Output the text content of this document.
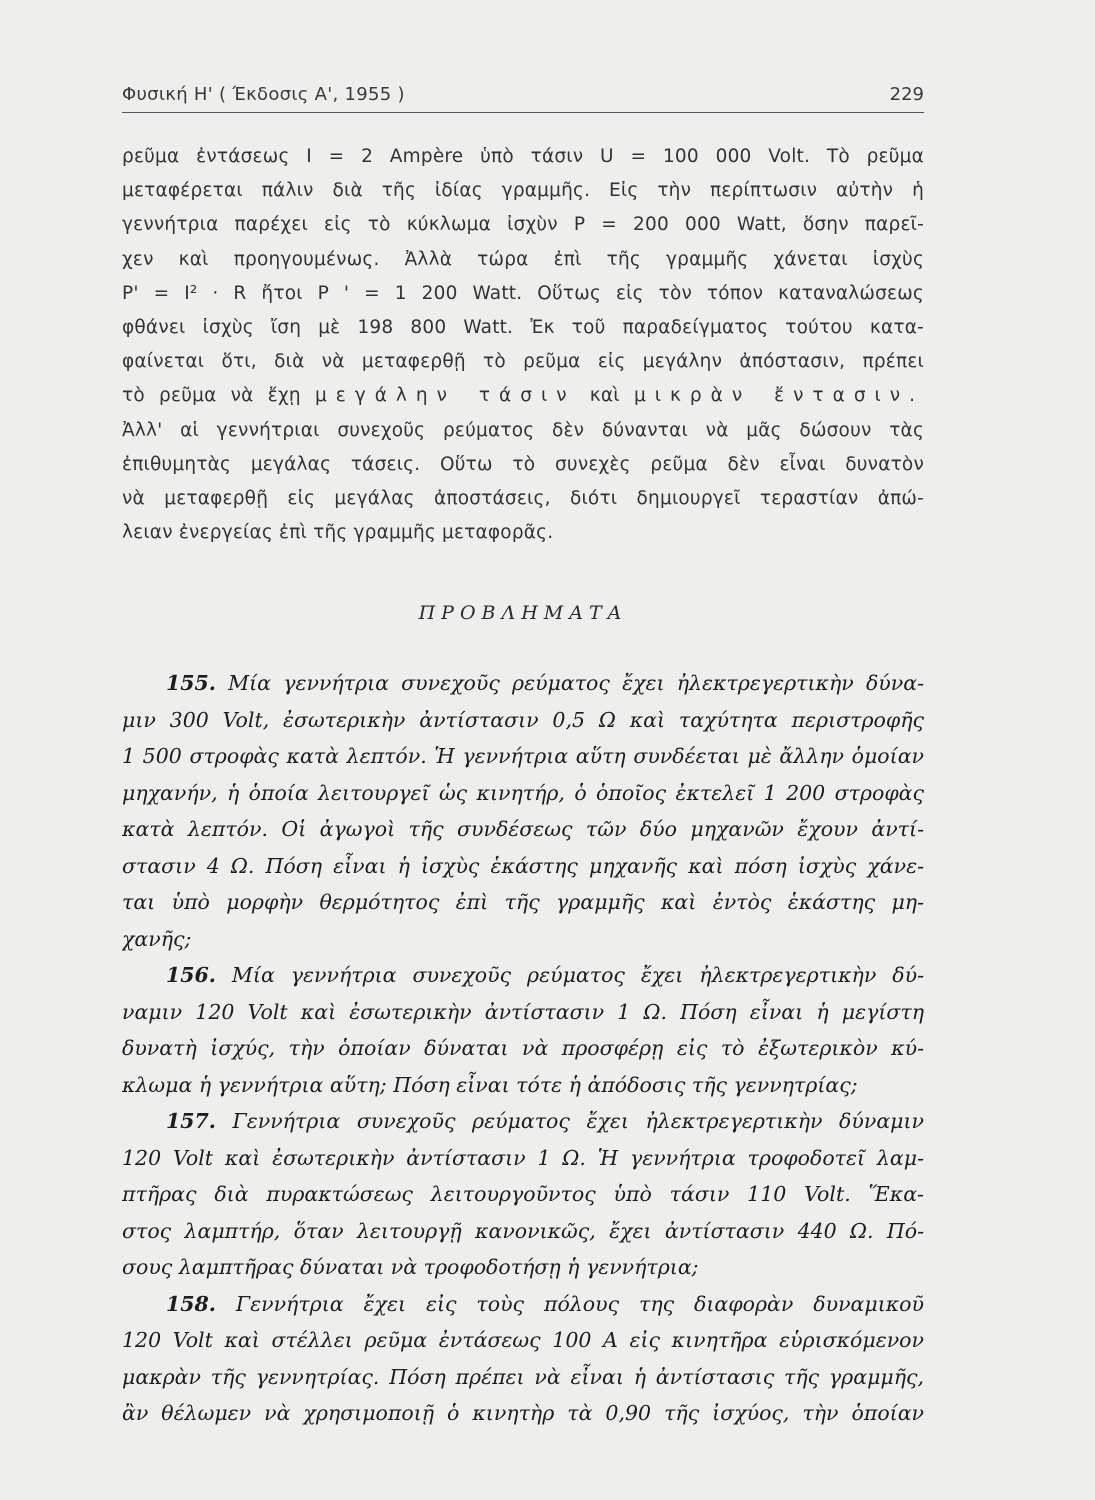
Φυσική Η' ( Έκδοσις Α', 1955 )	229
ρεῦμα ἐντάσεως I = 2 Ampère ὑπὸ τάσιν U = 100 000 Volt. Τὸ ρεῦμα
μεταφέρεται πάλιν διὰ τῆς ἰδίας γραμμῆς. Εἰς τὴν περίπτωσιν αὐτὴν ἡ
γεννήτρια παρέχει εἰς τὸ κύκλωμα ἰσχὺν P = 200 000 Watt, ὅσην παρεῖ-
χεν καὶ προηγουμένως. Ἀλλὰ τώρα ἐπὶ τῆς γραμμῆς χάνεται ἰσχὺς
P' = I² · R ἤτοι P ' = 1 200 Watt. Οὕτως εἰς τὸν τόπον καταναλώσεως
φθάνει ἰσχὺς ἴση μὲ 198 800 Watt. Ἐκ τοῦ παραδείγματος τούτου κατα-
φαίνεται ὅτι, διὰ νὰ μεταφερθῇ τὸ ρεῦμα εἰς μεγάλην ἀπόστασιν, πρέπει
τὸ ρεῦμα νὰ ἔχῃ μεγάλην τάσιν καὶ μικρὰν ἔντασιν.
Ἀλλ' αἱ γεννήτριαι συνεχοῦς ρεύματος δὲν δύνανται νὰ μᾶς δώσουν τὰς
ἐπιθυμητὰς μεγάλας τάσεις. Οὕτω τὸ συνεχὲς ρεῦμα δὲν εἶναι δυνατὸν
νὰ μεταφερθῇ εἰς μεγάλας ἀποστάσεις, διότι δημιουργεῖ τεραστίαν ἀπώ-
λειαν ἐνεργείας ἐπὶ τῆς γραμμῆς μεταφορᾶς.
ΠΡΟΒΛΗΜΑΤΑ
155. Μία γεννήτρια συνεχοῦς ρεύματος ἔχει ἠλεκτρεγερτικὴν δύνα-
μιν 300 Volt, ἐσωτερικὴν ἀντίστασιν 0,5 Ω καὶ ταχύτητα περιστροφῆς
1 500 στροφὰς κατὰ λεπτόν. Ἡ γεννήτρια αὕτη συνδέεται μὲ ἄλλην ὁμοίαν
μηχανήν, ἡ ὁποία λειτουργεῖ ὡς κινητήρ, ὁ ὁποῖος ἐκτελεῖ 1 200 στροφὰς
κατὰ λεπτόν. Οἱ ἀγωγοὶ τῆς συνδέσεως τῶν δύο μηχανῶν ἔχουν ἀντί-
στασιν 4 Ω. Πόση εἶναι ἡ ἰσχὺς ἑκάστης μηχανῆς καὶ πόση ἰσχὺς χάνε-
ται ὑπὸ μορφὴν θερμότητος ἐπὶ τῆς γραμμῆς καὶ ἐντὸς ἑκάστης μη-
χανῆς;
156. Μία γεννήτρια συνεχοῦς ρεύματος ἔχει ἠλεκτρεγερτικὴν δύ-
ναμιν 120 Volt καὶ ἐσωτερικὴν ἀντίστασιν 1 Ω. Πόση εἶναι ἡ μεγίστη
δυνατὴ ἰσχύς, τὴν ὁποίαν δύναται νὰ προσφέρῃ εἰς τὸ ἐξωτερικὸν κύ-
κλωμα ἡ γεννήτρια αὕτη; Πόση εἶναι τότε ἡ ἀπόδοσις τῆς γεννητρίας;
157. Γεννήτρια συνεχοῦς ρεύματος ἔχει ἠλεκτρεγερτικὴν δύναμιν
120 Volt καὶ ἐσωτερικὴν ἀντίστασιν 1 Ω. Ἡ γεννήτρια τροφοδοτεῖ λαμ-
πτῆρας διὰ πυρακτώσεως λειτουργοῦντος ὑπὸ τάσιν 110 Volt. Ἕκα-
στος λαμπτήρ, ὅταν λειτουργῇ κανονικῶς, ἔχει ἀντίστασιν 440 Ω. Πό-
σους λαμπτῆρας δύναται νὰ τροφοδοτήσῃ ἡ γεννήτρια;
158. Γεννήτρια ἔχει εἰς τοὺς πόλους της διαφορὰν δυναμικοῦ
120 Volt καὶ στέλλει ρεῦμα ἐντάσεως 100 A εἰς κινητῆρα εὑρισκόμενον
μακρὰν τῆς γεννητρίας. Πόση πρέπει νὰ εἶναι ἡ ἀντίστασις τῆς γραμμῆς,
ἂν θέλωμεν νὰ χρησιμοποιῇ ὁ κινητὴρ τὰ 0,90 τῆς ἰσχύος, τὴν ὁποίαν
